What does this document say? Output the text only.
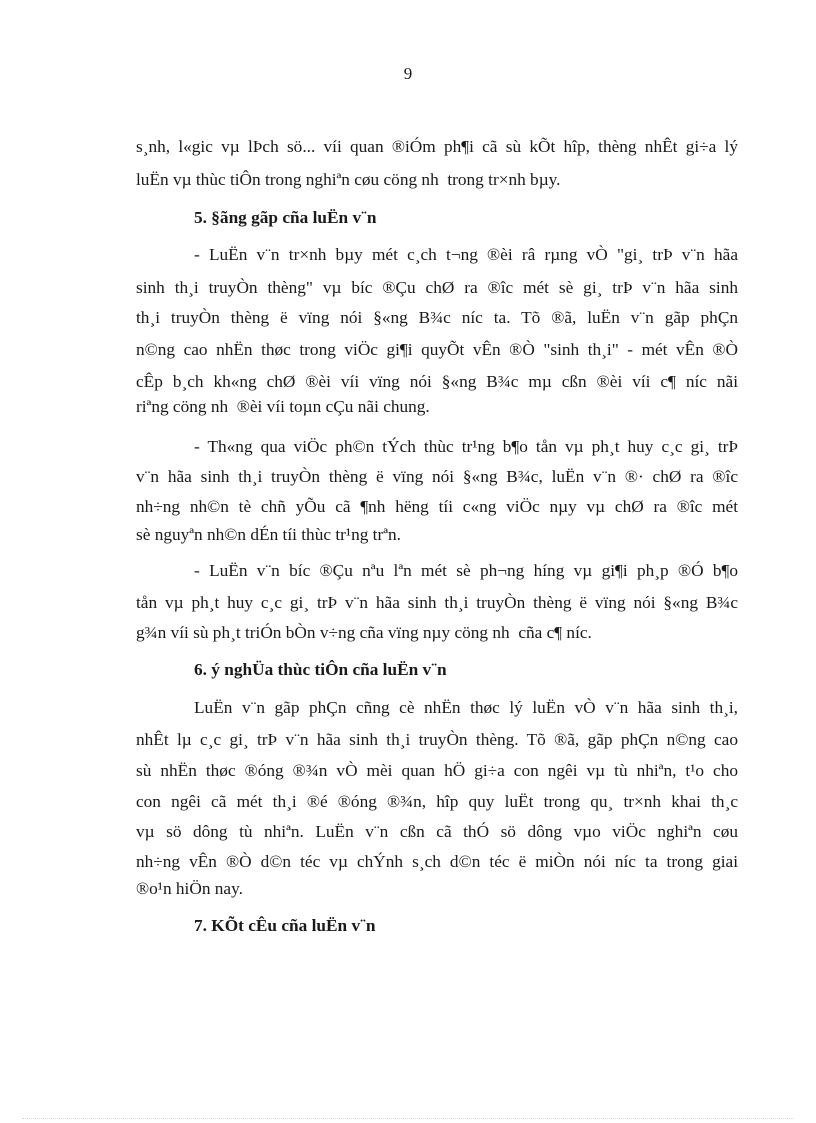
9
s¸nh, l«gic vµ lÞch sö... víi quan ®iÓm ph¶i cã sù kÕt hîp, thèng nhÊt gi÷a lý
luËn vµ thùc tiÔn trong nghiªn cøu cöng nh  trong tr×nh bµy.
5. §ãng gãp cña luËn v¨n
- LuËn v¨n tr×nh bµy mét c¸ch t¬ng ®èi râ rµng vÒ "gi¸ trÞ v¨n hãa
sinh th¸i truyÒn thèng" vµ bíc ®Çu chØ ra ®îc mét sè gi¸ trÞ v¨n hãa sinh
th¸i truyÒn thèng ë vïng nói §«ng B¾c níc ta. Tõ ®ã, luËn v¨n gãp phÇn
n©ng cao nhËn thøc trong viÖc gi¶i quyÕt vÊn ®Ò "sinh th¸i" - mét vÊn ®Ò
cÊp b¸ch kh«ng chØ ®èi víi vïng nói §«ng B¾c mµ cßn ®èi víi c¶ níc nãi
riªng cöng nh  ®èi víi toµn cÇu nãi chung.
- Th«ng qua viÖc ph©n tÝch thùc tr¹ng b¶o tån vµ ph¸t huy c¸c gi¸ trÞ
v¨n hãa sinh th¸i truyÒn thèng ë vïng nói §«ng B¾c, luËn v¨n ®· chØ ra ®îc
nh÷ng nh©n tè chñ yÕu cã ¶nh hëng tíi c«ng viÖc nµy vµ chØ ra ®îc mét
sè nguyªn nh©n dÉn tíi thùc tr¹ng trªn.
- LuËn v¨n bíc ®Çu nªu lªn mét sè ph¬ng híng vµ gi¶i ph¸p ®Ó b¶o
tån vµ ph¸t huy c¸c gi¸ trÞ v¨n hãa sinh th¸i truyÒn thèng ë vïng nói §«ng B¾c
g¾n víi sù ph¸t triÓn bÒn v÷ng cña vïng nµy cöng nh  cña c¶ níc.
6. ý nghÜa thùc tiÔn cña luËn v¨n
LuËn v¨n gãp phÇn cñng cè nhËn thøc lý luËn vÒ v¨n hãa sinh th¸i,
nhÊt lµ c¸c gi¸ trÞ v¨n hãa sinh th¸i truyÒn thèng. Tõ ®ã, gãp phÇn n©ng cao
sù nhËn thøc ®óng ®¾n vÒ mèi quan hÖ gi÷a con ngêi vµ tù nhiªn, t¹o cho
con ngêi cã mét th¸i ®é ®óng ®¾n, hîp quy luËt trong qu¸ tr×nh khai th¸c
vµ sö dông tù nhiªn. LuËn v¨n cßn cã thÓ sö dông vµo viÖc nghiªn cøu
nh÷ng vÊn ®Ò d©n téc vµ chÝnh s¸ch d©n téc ë miÒn nói níc ta trong giai
®o¹n hiÖn nay.
7. KÕt cÊu cña luËn v¨n
